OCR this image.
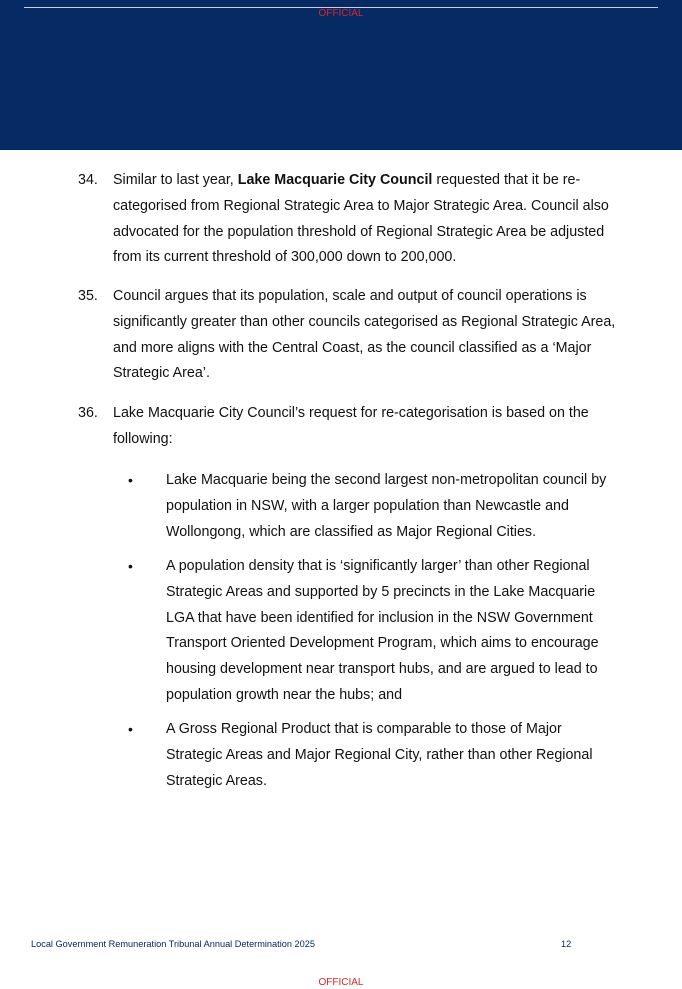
OFFICIAL
34.	Similar to last year, Lake Macquarie City Council requested that it be re-categorised from Regional Strategic Area to Major Strategic Area. Council also advocated for the population threshold of Regional Strategic Area be adjusted from its current threshold of 300,000 down to 200,000.
35.	Council argues that its population, scale and output of council operations is significantly greater than other councils categorised as Regional Strategic Area, and more aligns with the Central Coast, as the council classified as a ‘Major Strategic Area’.
36.	Lake Macquarie City Council’s request for re-categorisation is based on the following:
•	Lake Macquarie being the second largest non-metropolitan council by population in NSW, with a larger population than Newcastle and Wollongong, which are classified as Major Regional Cities.
•	A population density that is ‘significantly larger’ than other Regional Strategic Areas and supported by 5 precincts in the Lake Macquarie LGA that have been identified for inclusion in the NSW Government Transport Oriented Development Program, which aims to encourage housing development near transport hubs, and are argued to lead to population growth near the hubs; and
•	A Gross Regional Product that is comparable to those of Major Strategic Areas and Major Regional City, rather than other Regional Strategic Areas.
Local Government Remuneration Tribunal Annual Determination 2025	12
OFFICIAL
